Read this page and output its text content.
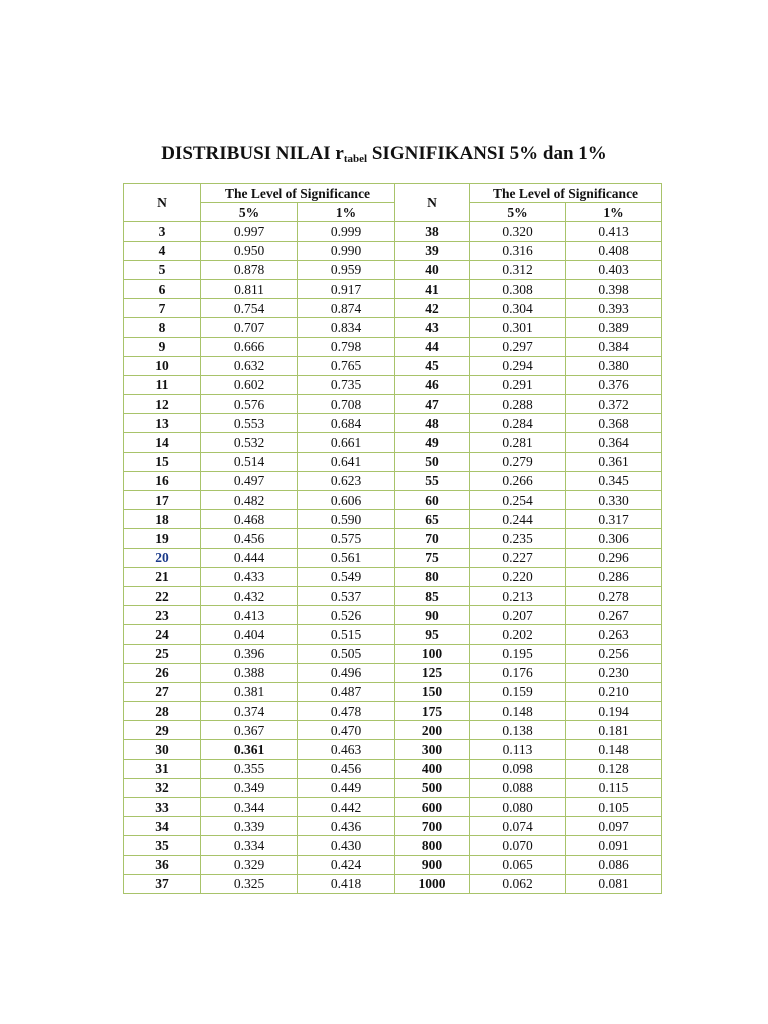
DISTRIBUSI NILAI $r_{tabel}$ SIGNIFIKANSI 5% dan 1%
N	The Level of Significance		N	The Level of Significance	
	5%	1%		5%	1%
3	0.997	0.999	38	0.320	0.413
4	0.950	0.990	39	0.316	0.408
5	0.878	0.959	40	0.312	0.403
6	0.811	0.917	41	0.308	0.398
7	0.754	0.874	42	0.304	0.393
8	0.707	0.834	43	0.301	0.389
9	0.666	0.798	44	0.297	0.384
10	0.632	0.765	45	0.294	0.380
11	0.602	0.735	46	0.291	0.376
12	0.576	0.708	47	0.288	0.372
13	0.553	0.684	48	0.284	0.368
14	0.532	0.661	49	0.281	0.364
15	0.514	0.641	50	0.279	0.361
16	0.497	0.623	55	0.266	0.345
17	0.482	0.606	60	0.254	0.330
18	0.468	0.590	65	0.244	0.317
19	0.456	0.575	70	0.235	0.306
20	0.444	0.561	75	0.227	0.296
21	0.433	0.549	80	0.220	0.286
22	0.432	0.537	85	0.213	0.278
23	0.413	0.526	90	0.207	0.267
24	0.404	0.515	95	0.202	0.263
25	0.396	0.505	100	0.195	0.256
26	0.388	0.496	125	0.176	0.230
27	0.381	0.487	150	0.159	0.210
28	0.374	0.478	175	0.148	0.194
29	0.367	0.470	200	0.138	0.181
30	0.361	0.463	300	0.113	0.148
31	0.355	0.456	400	0.098	0.128
32	0.349	0.449	500	0.088	0.115
33	0.344	0.442	600	0.080	0.105
34	0.339	0.436	700	0.074	0.097
35	0.334	0.430	800	0.070	0.091
36	0.329	0.424	900	0.065	0.086
37	0.325	0.418	1000	0.062	0.081
